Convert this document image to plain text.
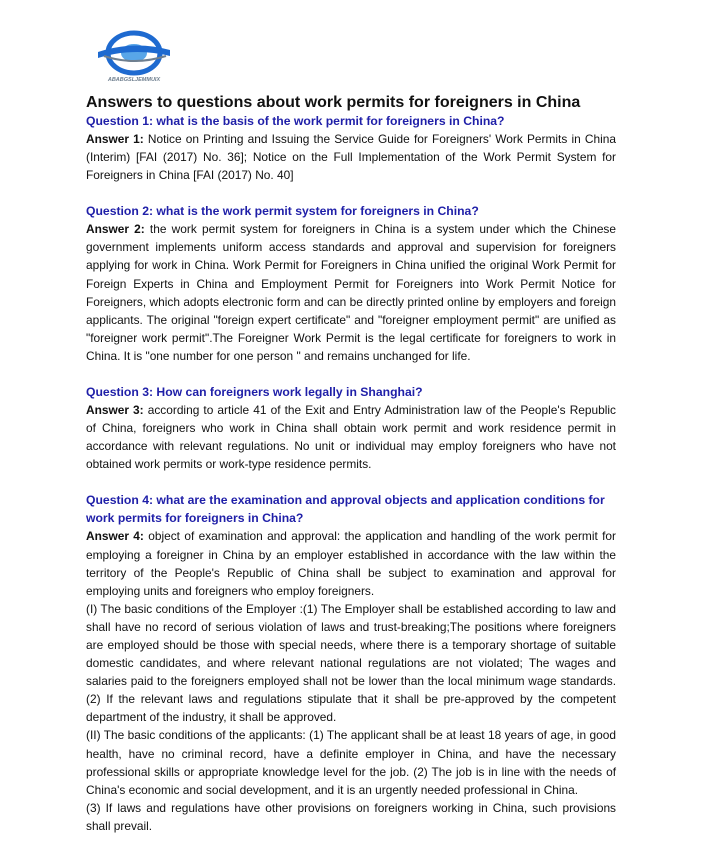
ABABGSLJEMMUIX
Answers to questions about work permits for foreigners in China

Question 1: what is the basis of the work permit for foreigners in China?

Answer 1: Notice on Printing and Issuing the Service Guide for Foreigners' Work Permits in China (Interim) [FAI (2017) No. 36]; Notice on the Full Implementation of the Work Permit System for Foreigners in China [FAI (2017) No. 40]

Question 2: what is the work permit system for foreigners in China?

Answer 2: the work permit system for foreigners in China is a system under which the Chinese government implements uniform access standards and approval and supervision for foreigners applying for work in China. Work Permit for Foreigners in China unified the original Work Permit for Foreign Experts in China and Employment Permit for Foreigners into Work Permit Notice for Foreigners, which adopts electronic form and can be directly printed online by employers and foreign applicants. The original "foreign expert certificate" and "foreigner employment permit" are unified as "foreigner work permit".The Foreigner Work Permit is the legal certificate for foreigners to work in China. It is "one number for one person " and remains unchanged for life.

Question 3: How can foreigners work legally in Shanghai?

Answer 3: according to article 41 of the Exit and Entry Administration law of the People's Republic of China, foreigners who work in China shall obtain work permit and work residence permit in accordance with relevant regulations. No unit or individual may employ foreigners who have not obtained work permits or work-type residence permits.

Question 4: what are the examination and approval objects and application conditions for work permits for foreigners in China?

Answer 4: object of examination and approval: the application and handling of the work permit for employing a foreigner in China by an employer established in accordance with the law within the territory of the People's Republic of China shall be subject to examination and approval for employing units and foreigners who employ foreigners.

(I) The basic conditions of the Employer :(1) The Employer shall be established according to law and shall have no record of serious violation of laws and trust-breaking;The positions where foreigners are employed should be those with special needs, where there is a temporary shortage of suitable domestic candidates, and where relevant national regulations are not violated; The wages and salaries paid to the foreigners employed shall not be lower than the local minimum wage standards. (2) If the relevant laws and regulations stipulate that it shall be pre-approved by the competent department of the industry, it shall be approved.

(II) The basic conditions of the applicants: (1) The applicant shall be at least 18 years of age, in good health, have no criminal record, have a definite employer in China, and have the necessary professional skills or appropriate knowledge level for the job. (2) The job is in line with the needs of China's economic and social development, and it is an urgently needed professional in China.

(3) If laws and regulations have other provisions on foreigners working in China, such provisions shall prevail.
